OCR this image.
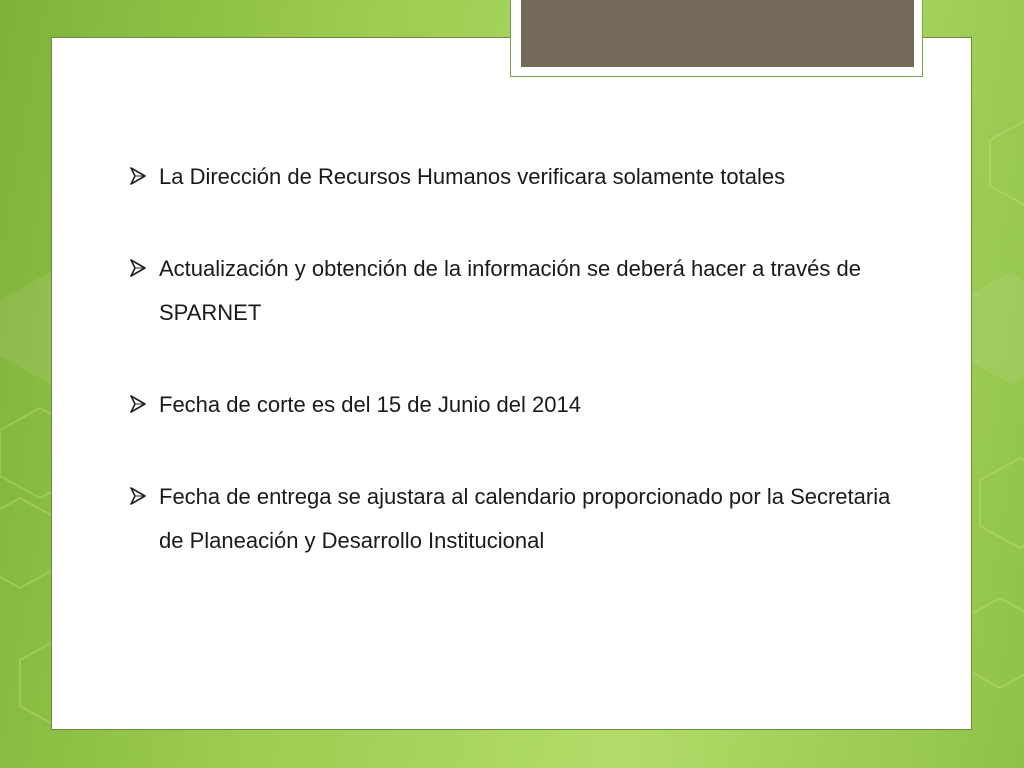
La Dirección de Recursos Humanos verificara solamente totales
Actualización y obtención de la información se deberá hacer a través de SPARNET
Fecha de corte es del 15 de Junio del 2014
Fecha de entrega se ajustara al calendario proporcionado por la Secretaria de Planeación y Desarrollo Institucional
